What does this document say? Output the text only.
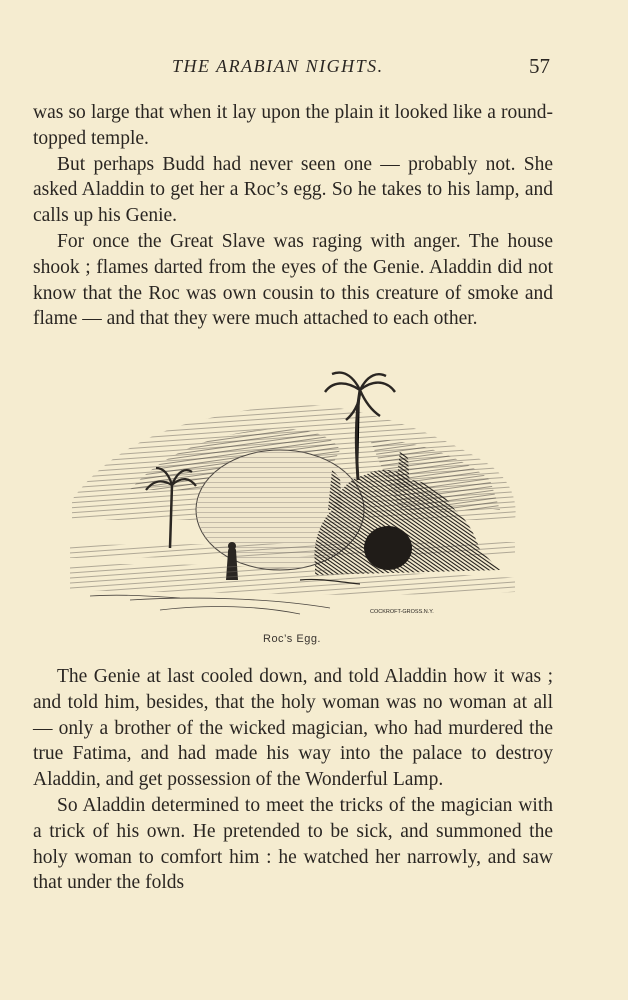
THE ARABIAN NIGHTS.	57

was so large that when it lay upon the plain it looked like a round-topped temple.

But perhaps Budd had never seen one — probably not. She asked Aladdin to get her a Roc’s egg. So he takes to his lamp, and calls up his Genie.

For once the Great Slave was raging with anger. The house shook ; flames darted from the eyes of the Genie. Aladdin did not know that the Roc was own cousin to this creature of smoke and flame — and that they were much attached to each other.

COCKROFT-GROSS.N.Y.
Roc’s Egg.

The Genie at last cooled down, and told Aladdin how it was ; and told him, besides, that the holy woman was no woman at all — only a brother of the wicked magician, who had murdered the true Fatima, and had made his way into the palace to destroy Aladdin, and get possession of the Wonderful Lamp.

So Aladdin determined to meet the tricks of the magician with a trick of his own. He pretended to be sick, and summoned the holy woman to comfort him : he watched her narrowly, and saw that under the folds
